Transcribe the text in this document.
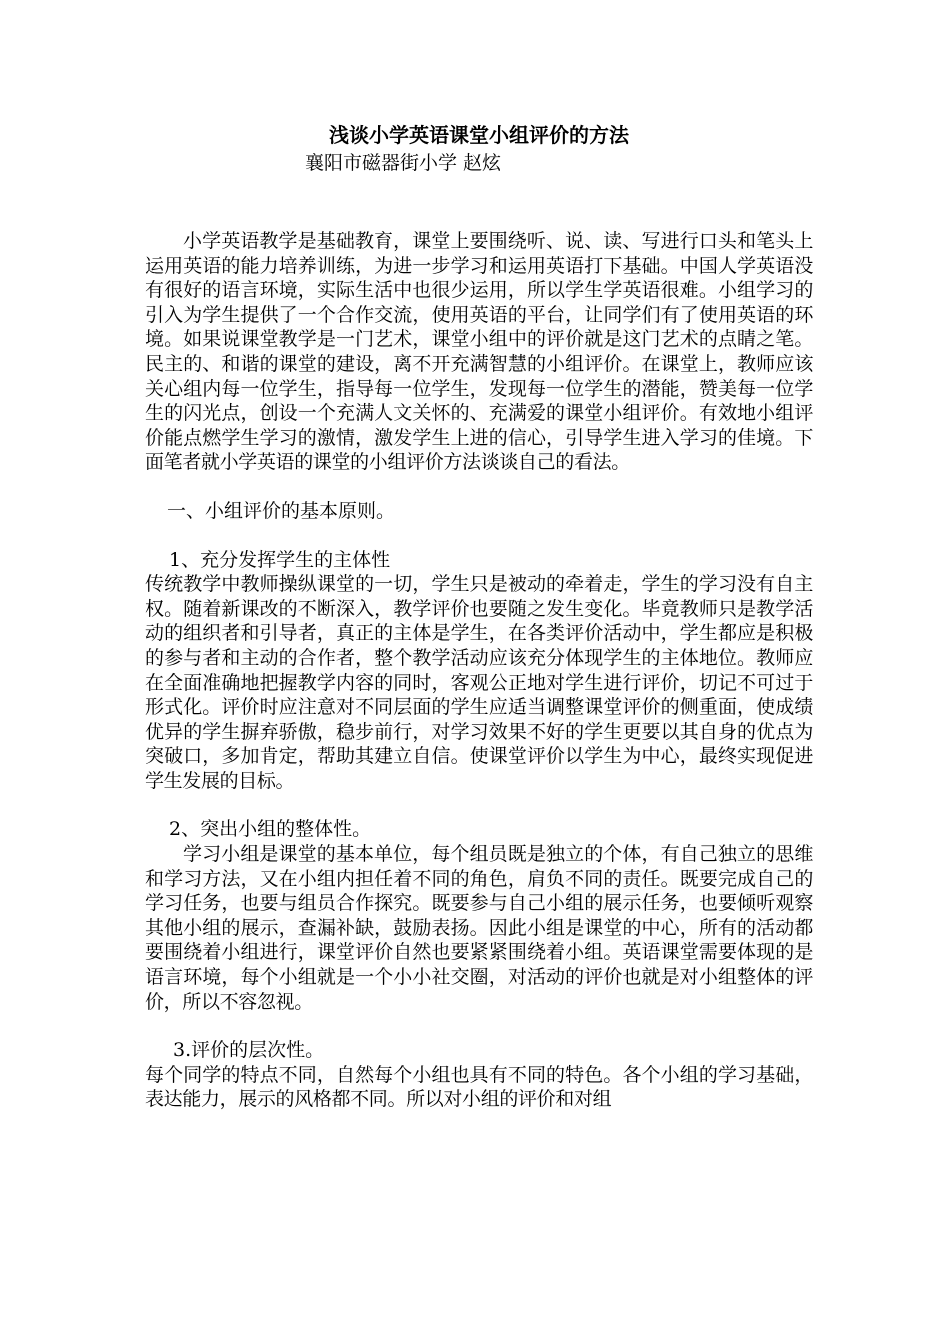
浅谈小学英语课堂小组评价的方法

襄阳市磁器街小学 赵炫

小学英语教学是基础教育，课堂上要围绕听、说、读、写进行口头和笔头上运用英语的能力培养训练，为进一步学习和运用英语打下基础。中国人学英语没有很好的语言环境，实际生活中也很少运用，所以学生学英语很难。小组学习的引入为学生提供了一个合作交流，使用英语的平台，让同学们有了使用英语的环境。如果说课堂教学是一门艺术，课堂小组中的评价就是这门艺术的点睛之笔。民主的、和谐的课堂的建设，离不开充满智慧的小组评价。在课堂上，教师应该关心组内每一位学生，指导每一位学生，发现每一位学生的潜能，赞美每一位学生的闪光点，创设一个充满人文关怀的、充满爱的课堂小组评价。有效地小组评价能点燃学生学习的激情，激发学生上进的信心，引导学生进入学习的佳境。下面笔者就小学英语的课堂的小组评价方法谈谈自己的看法。

一、小组评价的基本原则。

1、充分发挥学生的主体性

传统教学中教师操纵课堂的一切，学生只是被动的牵着走，学生的学习没有自主权。随着新课改的不断深入，教学评价也要随之发生变化。毕竟教师只是教学活动的组织者和引导者，真正的主体是学生，在各类评价活动中，学生都应是积极的参与者和主动的合作者，整个教学活动应该充分体现学生的主体地位。教师应在全面准确地把握教学内容的同时，客观公正地对学生进行评价，切记不可过于形式化。评价时应注意对不同层面的学生应适当调整课堂评价的侧重面，使成绩优异的学生摒弃骄傲，稳步前行，对学习效果不好的学生更要以其自身的优点为突破口，多加肯定，帮助其建立自信。使课堂评价以学生为中心，最终实现促进学生发展的目标。

2、突出小组的整体性。

学习小组是课堂的基本单位，每个组员既是独立的个体，有自己独立的思维和学习方法，又在小组内担任着不同的角色，肩负不同的责任。既要完成自己的学习任务，也要与组员合作探究。既要参与自己小组的展示任务，也要倾听观察其他小组的展示，查漏补缺，鼓励表扬。因此小组是课堂的中心，所有的活动都要围绕着小组进行，课堂评价自然也要紧紧围绕着小组。英语课堂需要体现的是语言环境，每个小组就是一个小小社交圈，对活动的评价也就是对小组整体的评价，所以不容忽视。

3.评价的层次性。

每个同学的特点不同，自然每个小组也具有不同的特色。各个小组的学习基础，表达能力，展示的风格都不同。所以对小组的评价和对组
